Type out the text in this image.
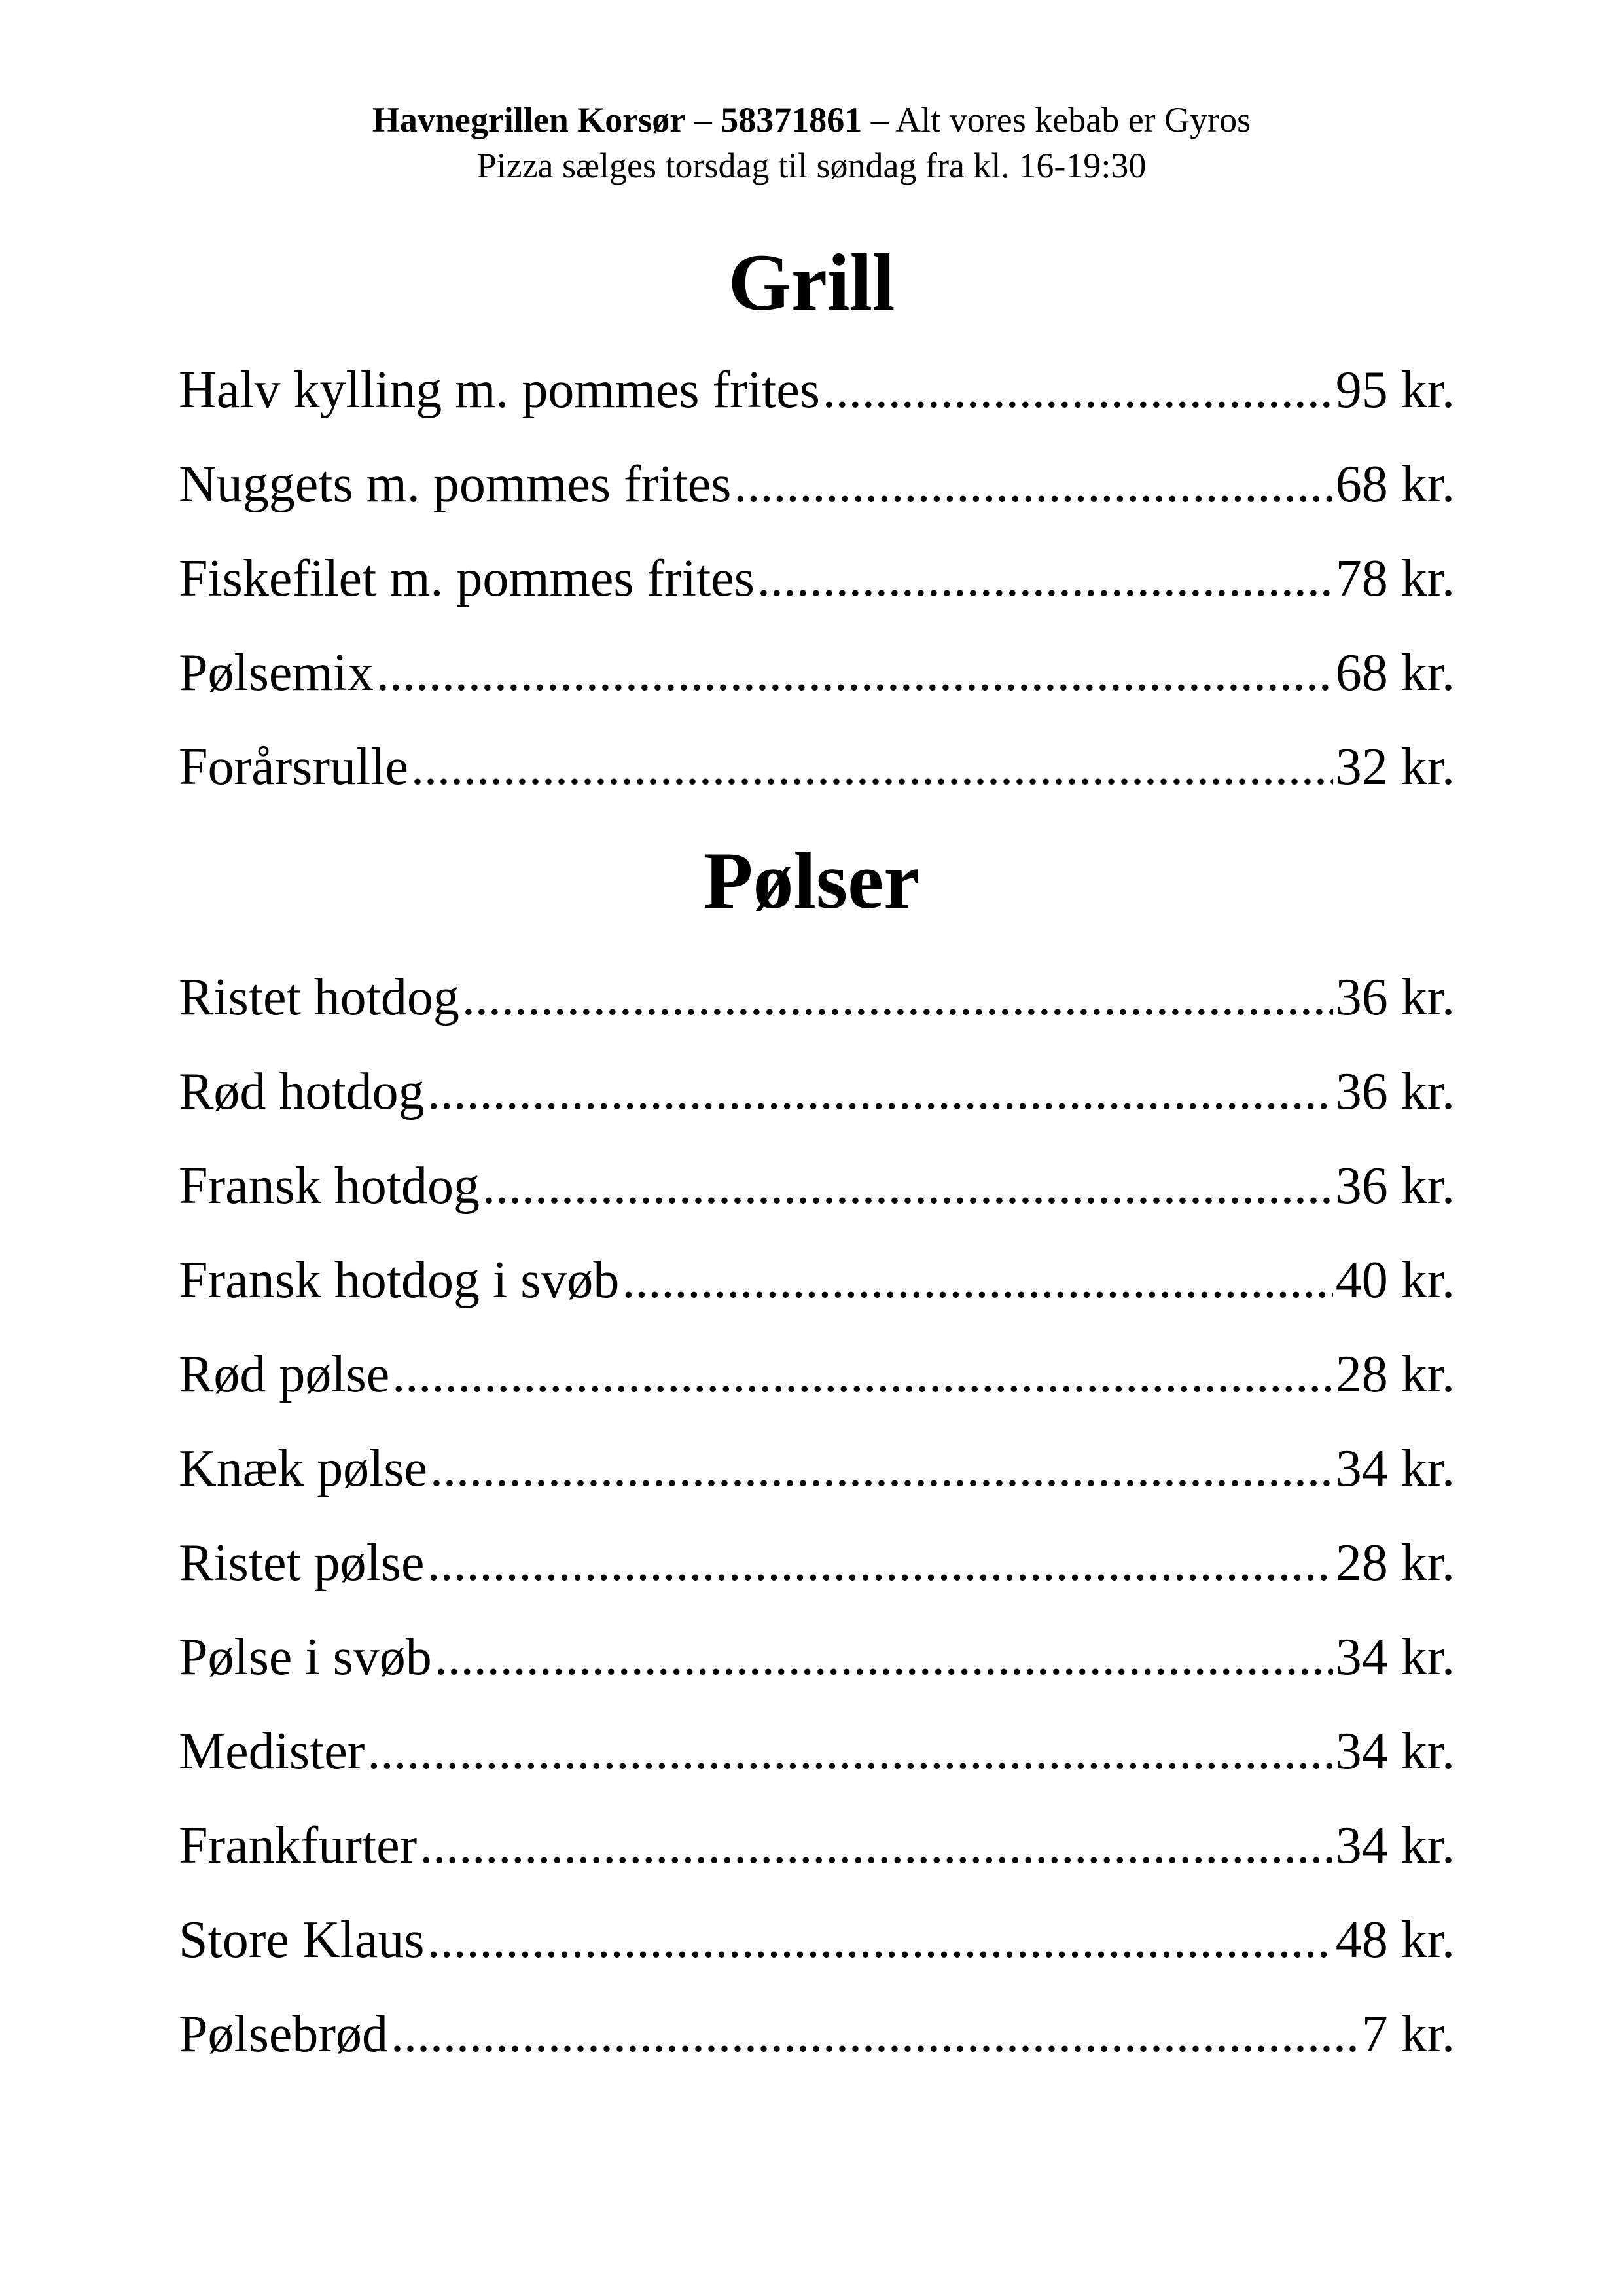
Havnegrillen Korsør – 58371861 – Alt vores kebab er Gyros
Pizza sælges torsdag til søndag fra kl. 16-19:30
Grill
Halv kylling m. pommes frites .....	95 kr.
Nuggets m. pommes frites .....	68 kr.
Fiskefilet m. pommes frites .....	78 kr.
Pølsemix .....	68 kr.
Forårsrulle .....	32 kr.
Pølser
Ristet hotdog .....	36 kr.
Rød hotdog .....	36 kr.
Fransk hotdog .....	36 kr.
Fransk hotdog i svøb .....	40 kr.
Rød pølse .....	28 kr.
Knæk pølse .....	34 kr.
Ristet pølse .....	28 kr.
Pølse i svøb .....	34 kr.
Medister .....	34 kr.
Frankfurter .....	34 kr.
Store Klaus .....	48 kr.
Pølsebrød .....	7 kr.
